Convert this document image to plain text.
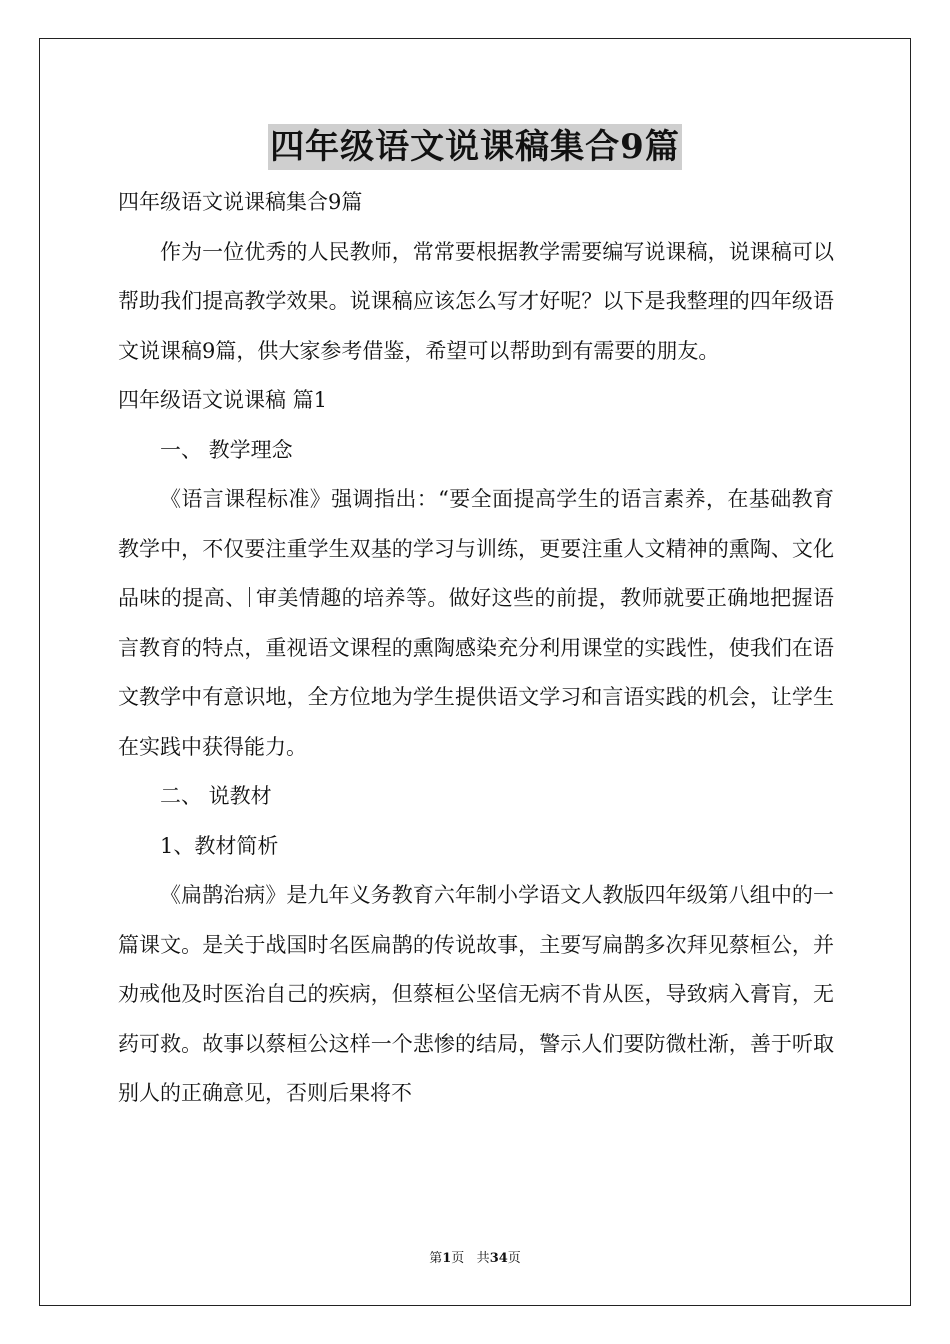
四年级语文说课稿集合9篇

四年级语文说课稿集合9篇

作为一位优秀的人民教师，常常要根据教学需要编写说课稿，说课稿可以帮助我们提高教学效果。说课稿应该怎么写才好呢？以下是我整理的四年级语文说课稿9篇，供大家参考借鉴，希望可以帮助到有需要的朋友。

四年级语文说课稿 篇1

一、 教学理念

《语言课程标准》强调指出：“要全面提高学生的语言素养，在基础教育教学中，不仅要注重学生双基的学习与训练，更要注重人文精神的熏陶、文化品味的提高、 审美情趣的培养等。做好这些的前提，教师就要正确地把握语言教育的特点，重视语文课程的熏陶感染充分利用课堂的实践性，使我们在语文教学中有意识地，全方位地为学生提供语文学习和言语实践的机会，让学生在实践中获得能力。

二、 说教材

1、教材简析

《扁鹊治病》是九年义务教育六年制小学语文人教版四年级第八组中的一篇课文。是关于战国时名医扁鹊的传说故事，主要写扁鹊多次拜见蔡桓公，并劝戒他及时医治自己的疾病，但蔡桓公坚信无病不肯从医，导致病入膏肓，无药可救。故事以蔡桓公这样一个悲惨的结局，警示人们要防微杜渐，善于听取别人的正确意见，否则后果将不

第1页 共34页
